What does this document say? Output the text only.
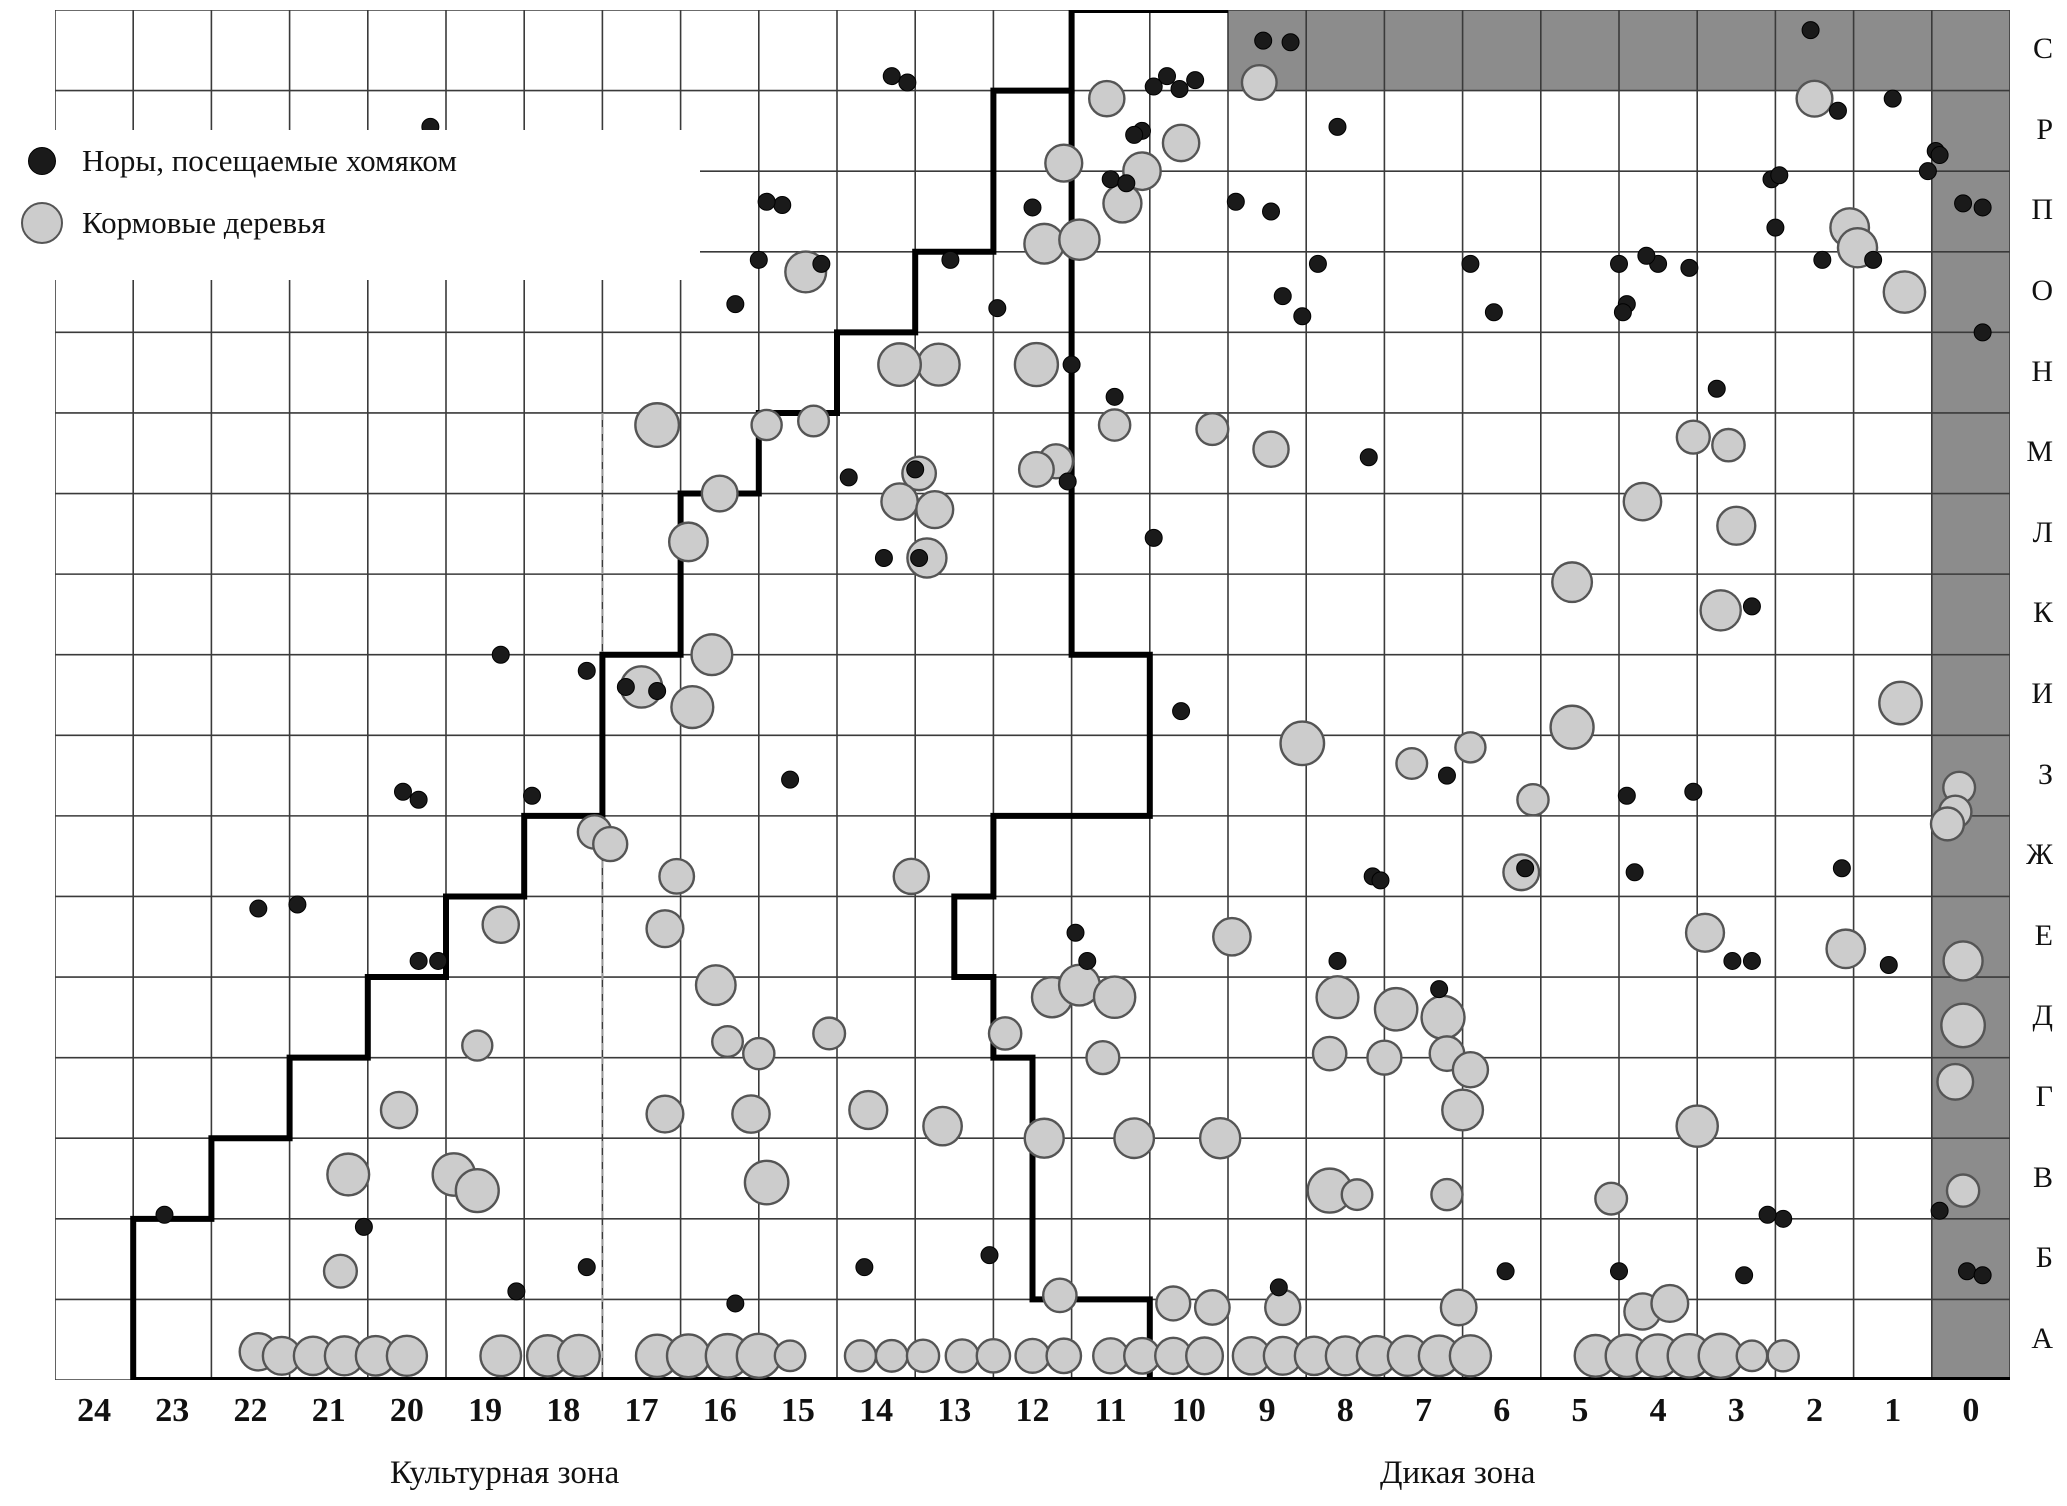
С
Р
П
О
Н
М
Л
К
И
З
Ж
Е
Д
Г
В
Б
А
24	23	22	21	20	19	18	17	16	15	14	13	12	11	10	9	8	7	6	5	4	3	2	1	0
Культурная зона	Дикая зона
Норы, посещаемые хомяком
Кормовые деревья
